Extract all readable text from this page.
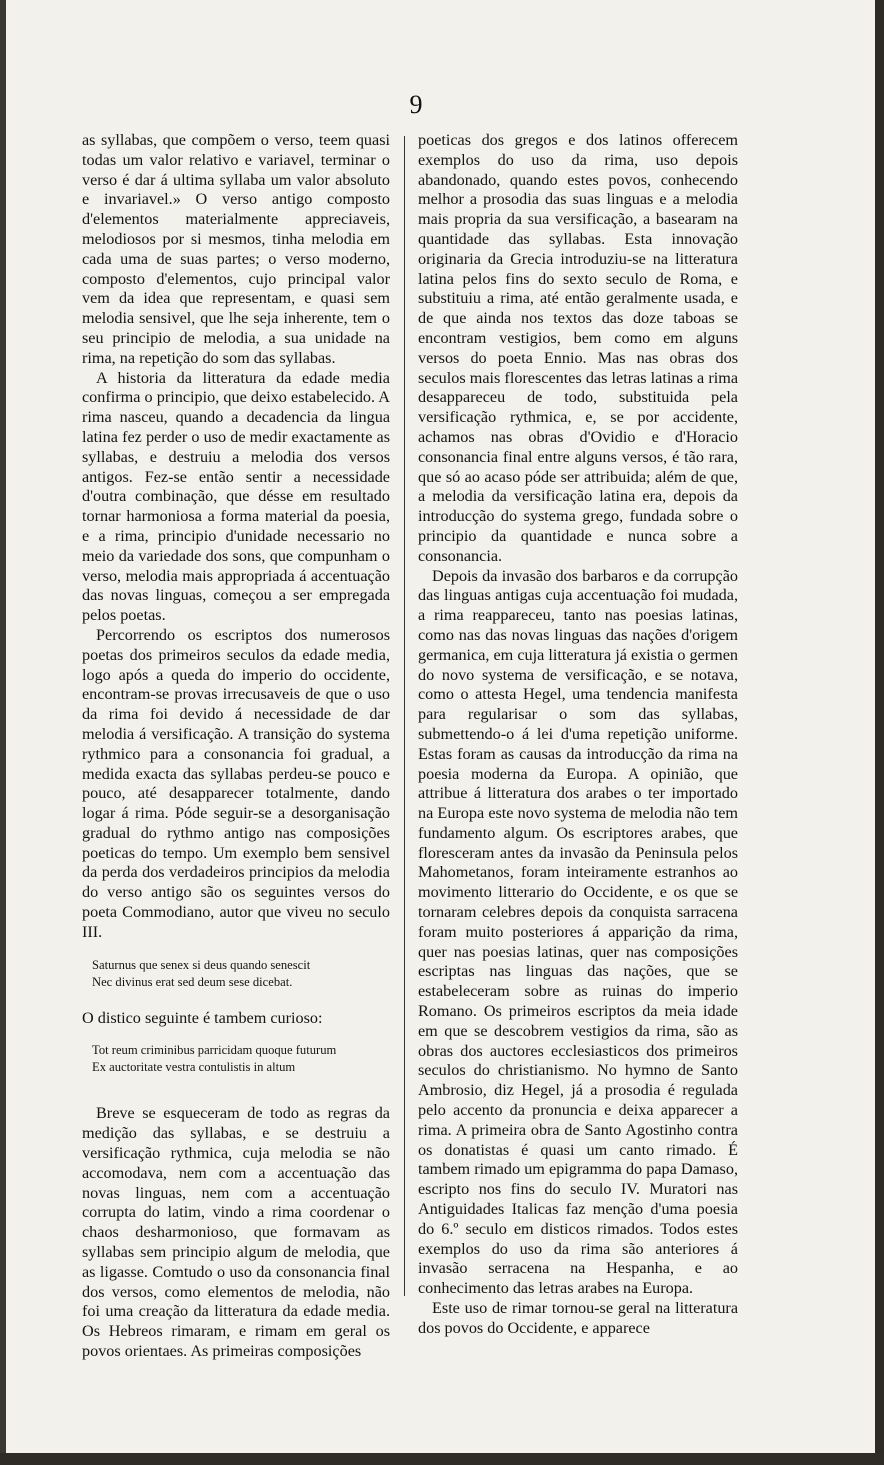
9

as syllabas, que compõem o verso, teem quasi todas um valor relativo e variavel, terminar o verso é dar á ultima syllaba um valor absoluto e invariavel.» O verso antigo composto d'elementos materialmente appreciaveis, melodiosos por si mesmos, tinha melodia em cada uma de suas partes; o verso moderno, composto d'elementos, cujo principal valor vem da idea que representam, e quasi sem melodia sensivel, que lhe seja inherente, tem o seu principio de melodia, a sua unidade na rima, na repetição do som das syllabas.

A historia da litteratura da edade media confirma o principio, que deixo estabelecido. A rima nasceu, quando a decadencia da lingua latina fez perder o uso de medir exactamente as syllabas, e destruiu a melodia dos versos antigos. Fez-se então sentir a necessidade d'outra combinação, que désse em resultado tornar harmoniosa a forma material da poesia, e a rima, principio d'unidade necessario no meio da variedade dos sons, que compunham o verso, melodia mais appropriada á accentuação das novas linguas, começou a ser empregada pelos poetas.

Percorrendo os escriptos dos numerosos poetas dos primeiros seculos da edade media, logo após a queda do imperio do occidente, encontram-se provas irrecusaveis de que o uso da rima foi devido á necessidade de dar melodia á versificação. A transição do systema rythmico para a consonancia foi gradual, a medida exacta das syllabas perdeu-se pouco e pouco, até desapparecer totalmente, dando logar á rima. Póde seguir-se a desorganisação gradual do rythmo antigo nas composições poeticas do tempo. Um exemplo bem sensivel da perda dos verdadeiros principios da melodia do verso antigo são os seguintes versos do poeta Commodiano, autor que viveu no seculo III.

Saturnus que senex si deus quando senescit
Nec divinus erat sed deum sese dicebat.

O distico seguinte é tambem curioso:

Tot reum criminibus parricidam quoque futurum
Ex auctoritate vestra contulistis in altum

Breve se esqueceram de todo as regras da medição das syllabas, e se destruiu a versificação rythmica, cuja melodia se não accomodava, nem com a accentuação das novas linguas, nem com a accentuação corrupta do latim, vindo a rima coordenar o chaos desharmonioso, que formavam as syllabas sem principio algum de melodia, que as ligasse. Comtudo o uso da consonancia final dos versos, como elementos de melodia, não foi uma creação da litteratura da edade media. Os Hebreos rimaram, e rimam em geral os povos orientaes. As primeiras composições

poeticas dos gregos e dos latinos offerecem exemplos do uso da rima, uso depois abandonado, quando estes povos, conhecendo melhor a prosodia das suas linguas e a melodia mais propria da sua versificação, a basearam na quantidade das syllabas. Esta innovação originaria da Grecia introduziu-se na litteratura latina pelos fins do sexto seculo de Roma, e substituiu a rima, até então geralmente usada, e de que ainda nos textos das doze taboas se encontram vestigios, bem como em alguns versos do poeta Ennio. Mas nas obras dos seculos mais florescentes das letras latinas a rima desappareceu de todo, substituida pela versificação rythmica, e, se por accidente, achamos nas obras d'Ovidio e d'Horacio consonancia final entre alguns versos, é tão rara, que só ao acaso póde ser attribuida; além de que, a melodia da versificação latina era, depois da introducção do systema grego, fundada sobre o principio da quantidade e nunca sobre a consonancia.

Depois da invasão dos barbaros e da corrupção das linguas antigas cuja accentuação foi mudada, a rima reappareceu, tanto nas poesias latinas, como nas das novas linguas das nações d'origem germanica, em cuja litteratura já existia o germen do novo systema de versificação, e se notava, como o attesta Hegel, uma tendencia manifesta para regularisar o som das syllabas, submettendo-o á lei d'uma repetição uniforme. Estas foram as causas da introducção da rima na poesia moderna da Europa. A opinião, que attribue á litteratura dos arabes o ter importado na Europa este novo systema de melodia não tem fundamento algum. Os escriptores arabes, que floresceram antes da invasão da Peninsula pelos Mahometanos, foram inteiramente estranhos ao movimento litterario do Occidente, e os que se tornaram celebres depois da conquista sarracena foram muito posteriores á apparição da rima, quer nas poesias latinas, quer nas composições escriptas nas linguas das nações, que se estabeleceram sobre as ruinas do imperio Romano. Os primeiros escriptos da meia idade em que se descobrem vestigios da rima, são as obras dos auctores ecclesiasticos dos primeiros seculos do christianismo. No hymno de Santo Ambrosio, diz Hegel, já a prosodia é regulada pelo accento da pronuncia e deixa apparecer a rima. A primeira obra de Santo Agostinho contra os donatistas é quasi um canto rimado. É tambem rimado um epigramma do papa Damaso, escripto nos fins do seculo IV. Muratori nas Antiguidades Italicas faz menção d'uma poesia do 6.º seculo em disticos rimados. Todos estes exemplos do uso da rima são anteriores á invasão serracena na Hespanha, e ao conhecimento das letras arabes na Europa.

Este uso de rimar tornou-se geral na litteratura dos povos do Occidente, e apparece
